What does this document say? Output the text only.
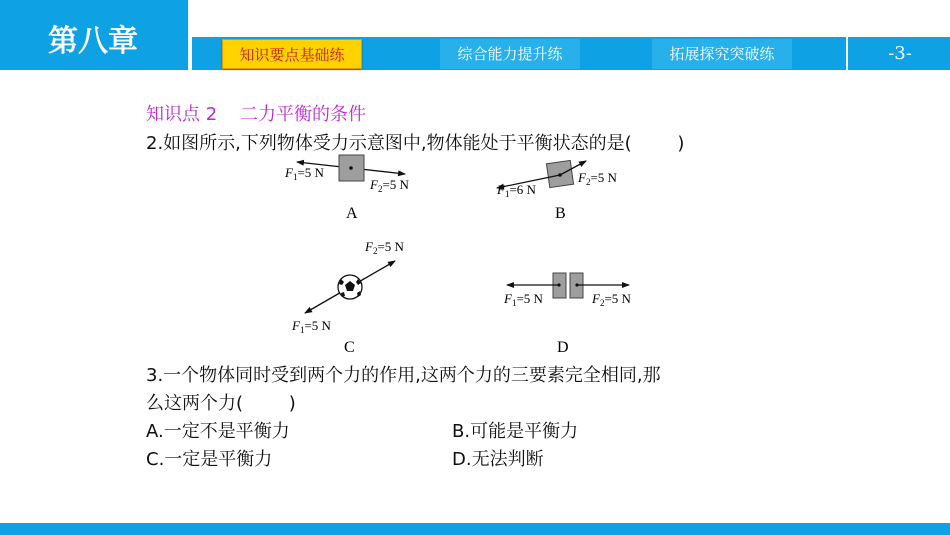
第八章	知识要点基础练	综合能力提升练	拓展探究突破练	-3-
知识点 2    二力平衡的条件
2.如图所示,下列物体受力示意图中,物体能处于平衡状态的是(        )
$F_1=5$ N
$F_2=5$ N
A
$F_1=6$ N
$F_2=5$ N
B
$F_2=5$ N
$F_1=5$ N
C
$F_1=5$ N	$F_2=5$ N
D
3.一个物体同时受到两个力的作用,这两个力的三要素完全相同,那
么这两个力(        )
A.一定不是平衡力	B.可能是平衡力
C.一定是平衡力	D.无法判断
